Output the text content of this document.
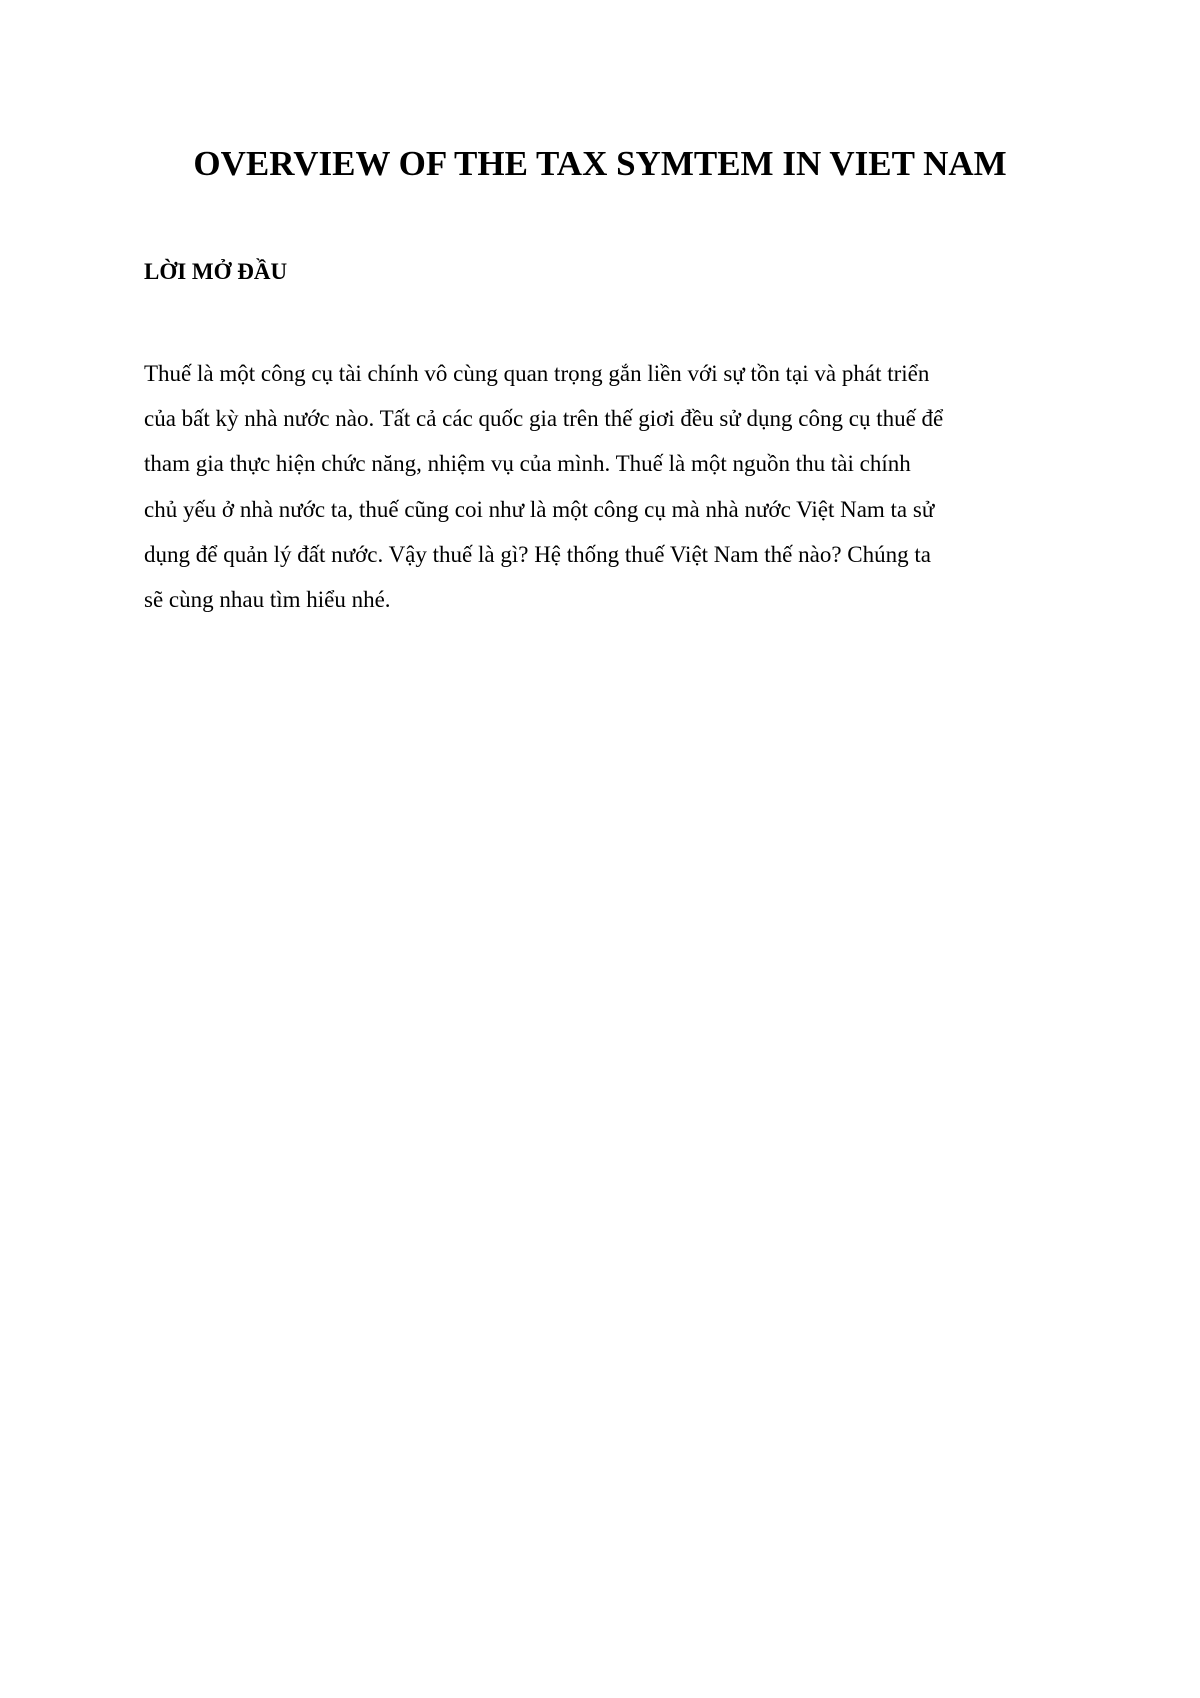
OVERVIEW OF THE TAX SYMTEM IN VIET NAM
LỜI MỞ ĐẦU

Thuế là một công cụ tài chính vô cùng quan trọng gắn liền với sự tồn tại và phát triển
của bất kỳ nhà nước nào. Tất cả các quốc gia trên thế giơi đều sử dụng công cụ thuế để
tham gia thực hiện chức năng, nhiệm vụ của mình. Thuế là một nguồn thu tài chính
chủ yếu ở nhà nước ta, thuế cũng coi như là một công cụ mà nhà nước Việt Nam ta sử
dụng để quản lý đất nước. Vậy thuế là gì? Hệ thống thuế Việt Nam thế nào? Chúng ta
sẽ cùng nhau tìm hiểu nhé.
